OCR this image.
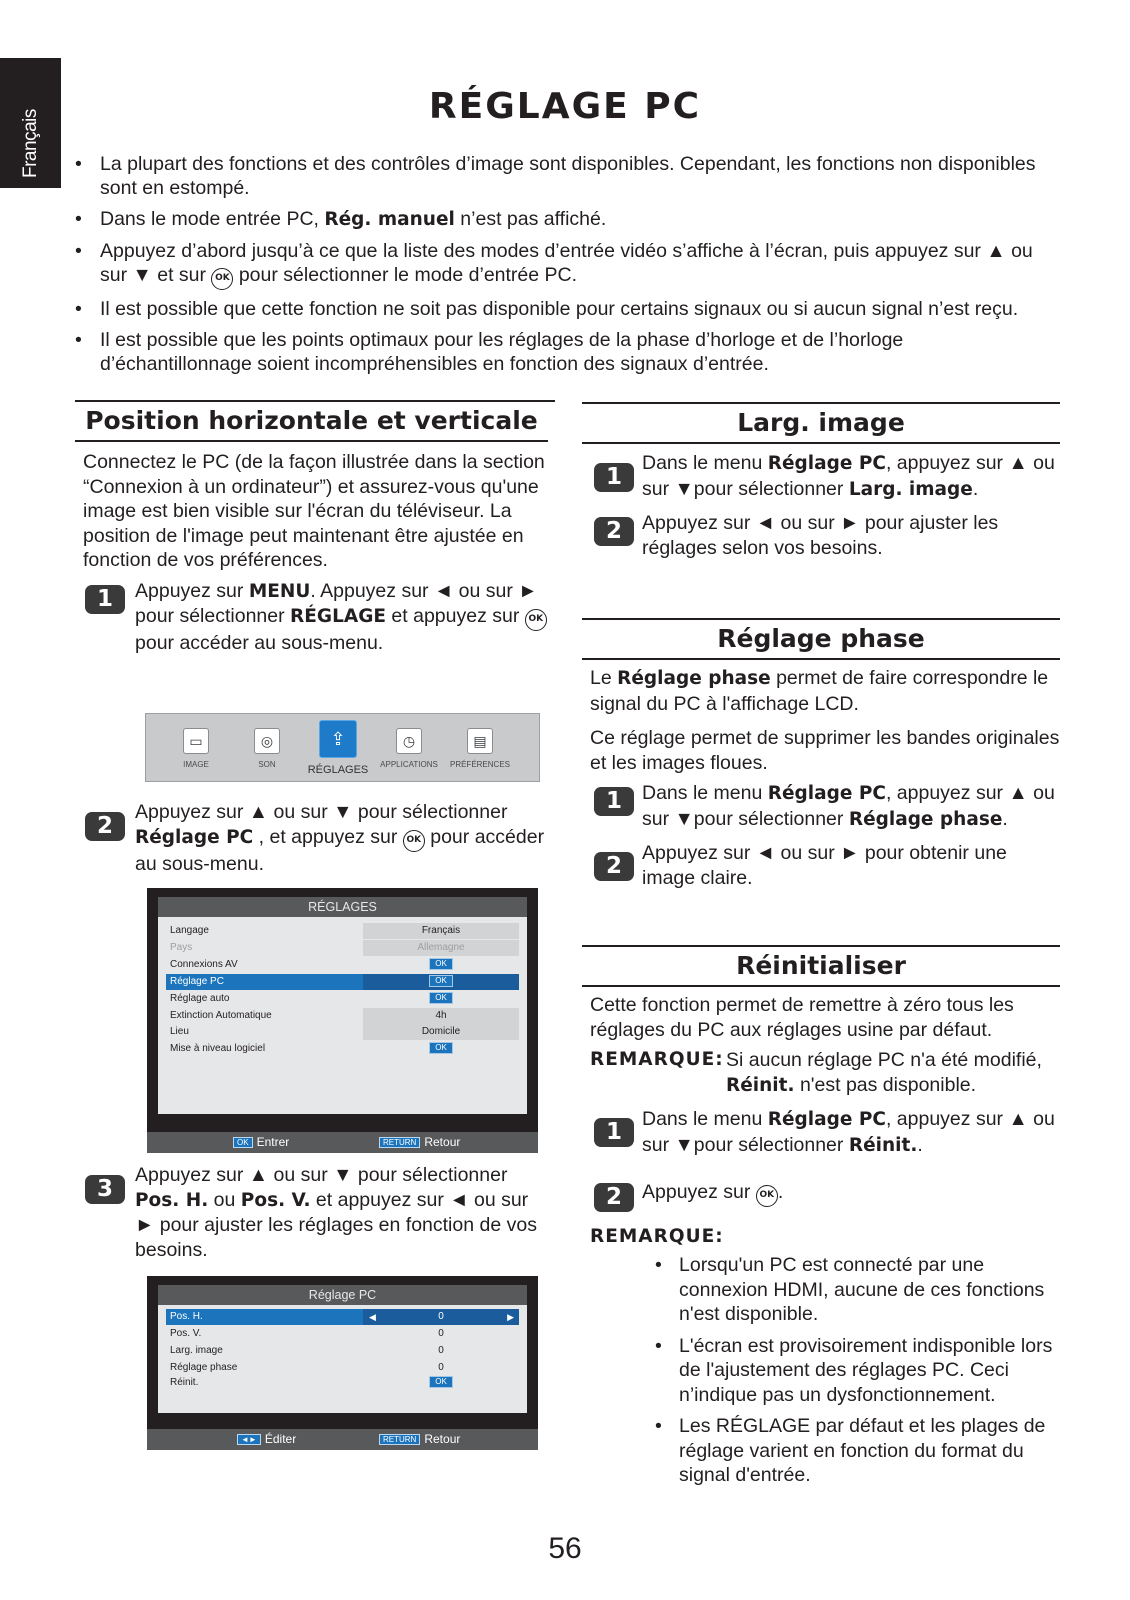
Français
RÉGLAGE PC
• La plupart des fonctions et des contrôles d’image sont disponibles. Cependant, les fonctions non disponibles sont en estompé.
• Dans le mode entrée PC, Rég. manuel n’est pas affiché.
• Appuyez d’abord jusqu’à ce que la liste des modes d’entrée vidéo s’affiche à l’écran, puis appuyez sur ▲ ou sur ▼ et sur OK pour sélectionner le mode d’entrée PC.
• Il est possible que cette fonction ne soit pas disponible pour certains signaux ou si aucun signal n’est reçu.
• Il est possible que les points optimaux pour les réglages de la phase d’horloge et de l’horloge d’échantillonnage soient incompréhensibles en fonction des signaux d’entrée.
Position horizontale et verticale

Connectez le PC (de la façon illustrée dans la section “Connexion à un ordinateur”) et assurez-vous qu'une image est bien visible sur l'écran du téléviseur. La position de l'image peut maintenant être ajustée en fonction de vos préférences.

1	Appuyez sur MENU. Appuyez sur ◄ ou sur ► pour sélectionner RÉGLAGE et appuyez sur OK pour accéder au sous-menu.
▭
IMAGE
◎
SON
⇪
RÉGLAGES
◷
APPLICATIONS
▤
PRÉFÉRENCES
2
Appuyez sur ▲ ou sur ▼ pour sélectionner Réglage PC , et appuyez sur OK pour accéder au sous-menu.
RÉGLAGES
Langage	Français
Pays	Allemagne
Connexions AV	OK
Réglage PC	OK
Réglage auto	OK
Extinction Automatique	4h
Lieu	Domicile
Mise à niveau logiciel	OK
OK Entrer	RETURN Retour
3
Appuyez sur ▲ ou sur ▼ pour sélectionner Pos. H. ou Pos. V. et appuyez sur ◄ ou sur ► pour ajuster les réglages en fonction de vos besoins.
Réglage PC
Pos. H.	0
◀	▶
Pos. V.	0
Larg. image	0
Réglage phase	0
Réinit.	OK
◄► Éditer	RETURN Retour
Larg. image
1
Dans le menu Réglage PC, appuyez sur ▲ ou sur ▼pour sélectionner Larg. image.
2	Appuyez sur ◄ ou sur ► pour ajuster les réglages selon vos besoins.
Réglage phase

Le Réglage phase permet de faire correspondre le signal du PC à l'affichage LCD.

Ce réglage permet de supprimer les bandes originales et les images floues.

1	Dans le menu Réglage PC, appuyez sur ▲ ou sur ▼pour sélectionner Réglage phase.
2	Appuyez sur ◄ ou sur ► pour obtenir une image claire.
Réinitialiser

Cette fonction permet de remettre à zéro tous les réglages du PC aux réglages usine par défaut.

REMARQUE: Si aucun réglage PC n'a été modifié, Réinit. n'est pas disponible.
1	Dans le menu Réglage PC, appuyez sur ▲ ou sur ▼pour sélectionner Réinit..
2	Appuyez sur OK .
REMARQUE:
• Lorsqu'un PC est connecté par une connexion HDMI, aucune de ces fonctions n'est disponible.
• L'écran est provisoirement indisponible lors de l'ajustement des réglages PC. Ceci n’indique pas un dysfonctionnement.
• Les RÉGLAGE par défaut et les plages de réglage varient en fonction du format du signal d'entrée.
56
